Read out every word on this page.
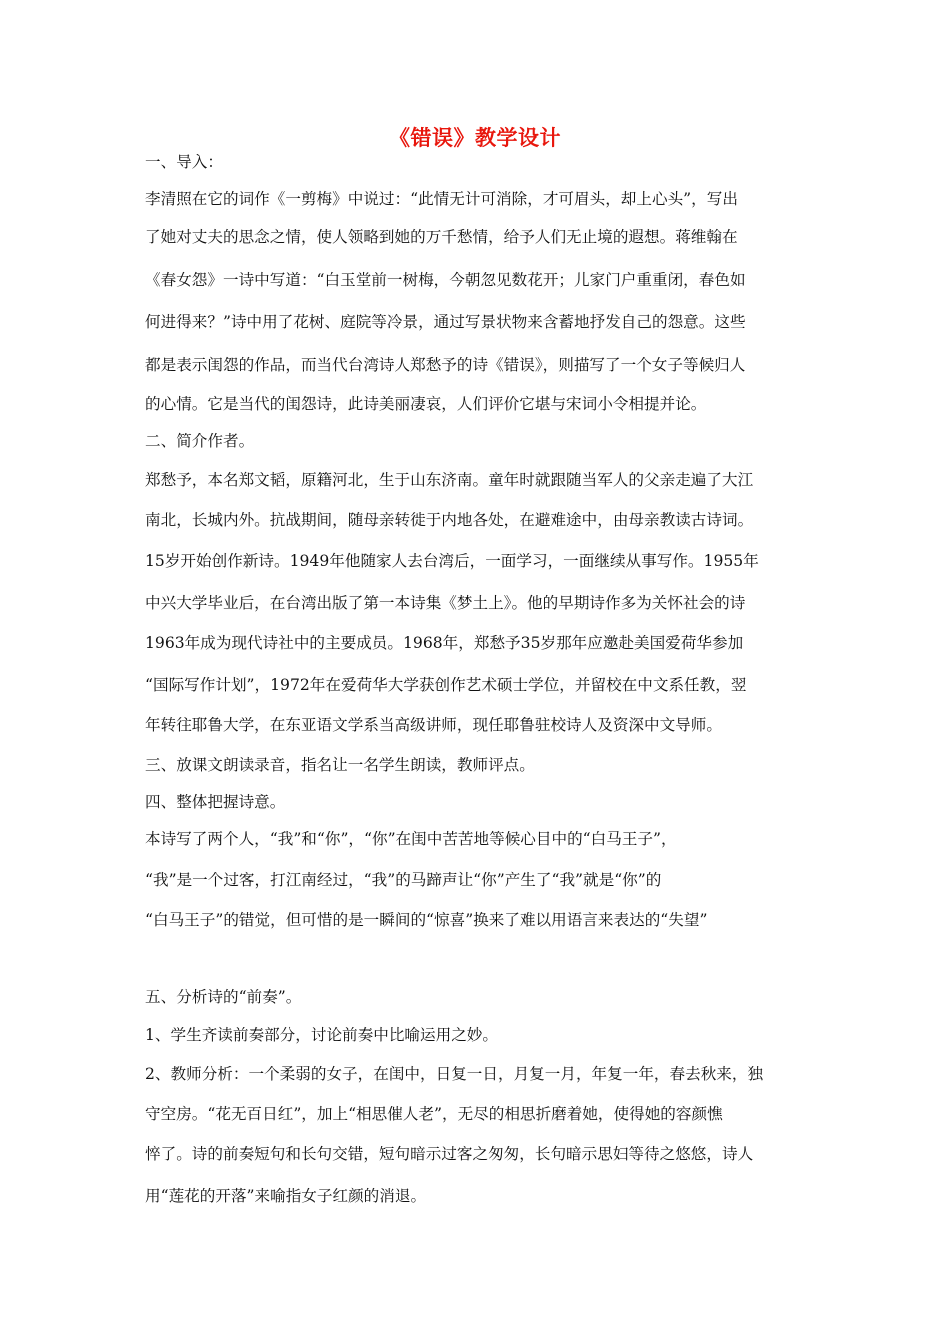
《错误》教学设计
一、导入：
李清照在它的词作《一剪梅》中说过：“此情无计可消除，才可眉头，却上心头”，写出
了她对丈夫的思念之情，使人领略到她的万千愁情，给予人们无止境的遐想。蒋维翰在
《春女怨》一诗中写道：“白玉堂前一树梅，今朝忽见数花开；儿家门户重重闭，春色如
何进得来？”诗中用了花树、庭院等冷景，通过写景状物来含蓄地抒发自己的怨意。这些
都是表示闺怨的作品，而当代台湾诗人郑愁予的诗《错误》，则描写了一个女子等候归人
的心情。它是当代的闺怨诗，此诗美丽凄哀，人们评价它堪与宋词小令相提并论。
二、简介作者。
郑愁予，本名郑文韬，原籍河北，生于山东济南。童年时就跟随当军人的父亲走遍了大江
南北，长城内外。抗战期间，随母亲转徙于内地各处，在避难途中，由母亲教读古诗词。
15岁开始创作新诗。1949年他随家人去台湾后，一面学习，一面继续从事写作。1955年
中兴大学毕业后，在台湾出版了第一本诗集《梦土上》。他的早期诗作多为关怀社会的诗
1963年成为现代诗社中的主要成员。1968年，郑愁予35岁那年应邀赴美国爱荷华参加
“国际写作计划”，1972年在爱荷华大学获创作艺术硕士学位，并留校在中文系任教，翌
年转往耶鲁大学，在东亚语文学系当高级讲师，现任耶鲁驻校诗人及资深中文导师。
三、放课文朗读录音，指名让一名学生朗读，教师评点。
四、整体把握诗意。
本诗写了两个人，“我”和“你”，“你”在闺中苦苦地等候心目中的“白马王子”，
“我”是一个过客，打江南经过，“我”的马蹄声让“你”产生了“我”就是“你”的
“白马王子”的错觉，但可惜的是一瞬间的“惊喜”换来了难以用语言来表达的“失望”
五、分析诗的“前奏”。
1、学生齐读前奏部分，讨论前奏中比喻运用之妙。
2、教师分析：一个柔弱的女子，在闺中，日复一日，月复一月，年复一年，春去秋来，独
守空房。“花无百日红”，加上“相思催人老”，无尽的相思折磨着她，使得她的容颜憔
悴了。诗的前奏短句和长句交错，短句暗示过客之匆匆，长句暗示思妇等待之悠悠，诗人
用“莲花的开落”来喻指女子红颜的消退。
